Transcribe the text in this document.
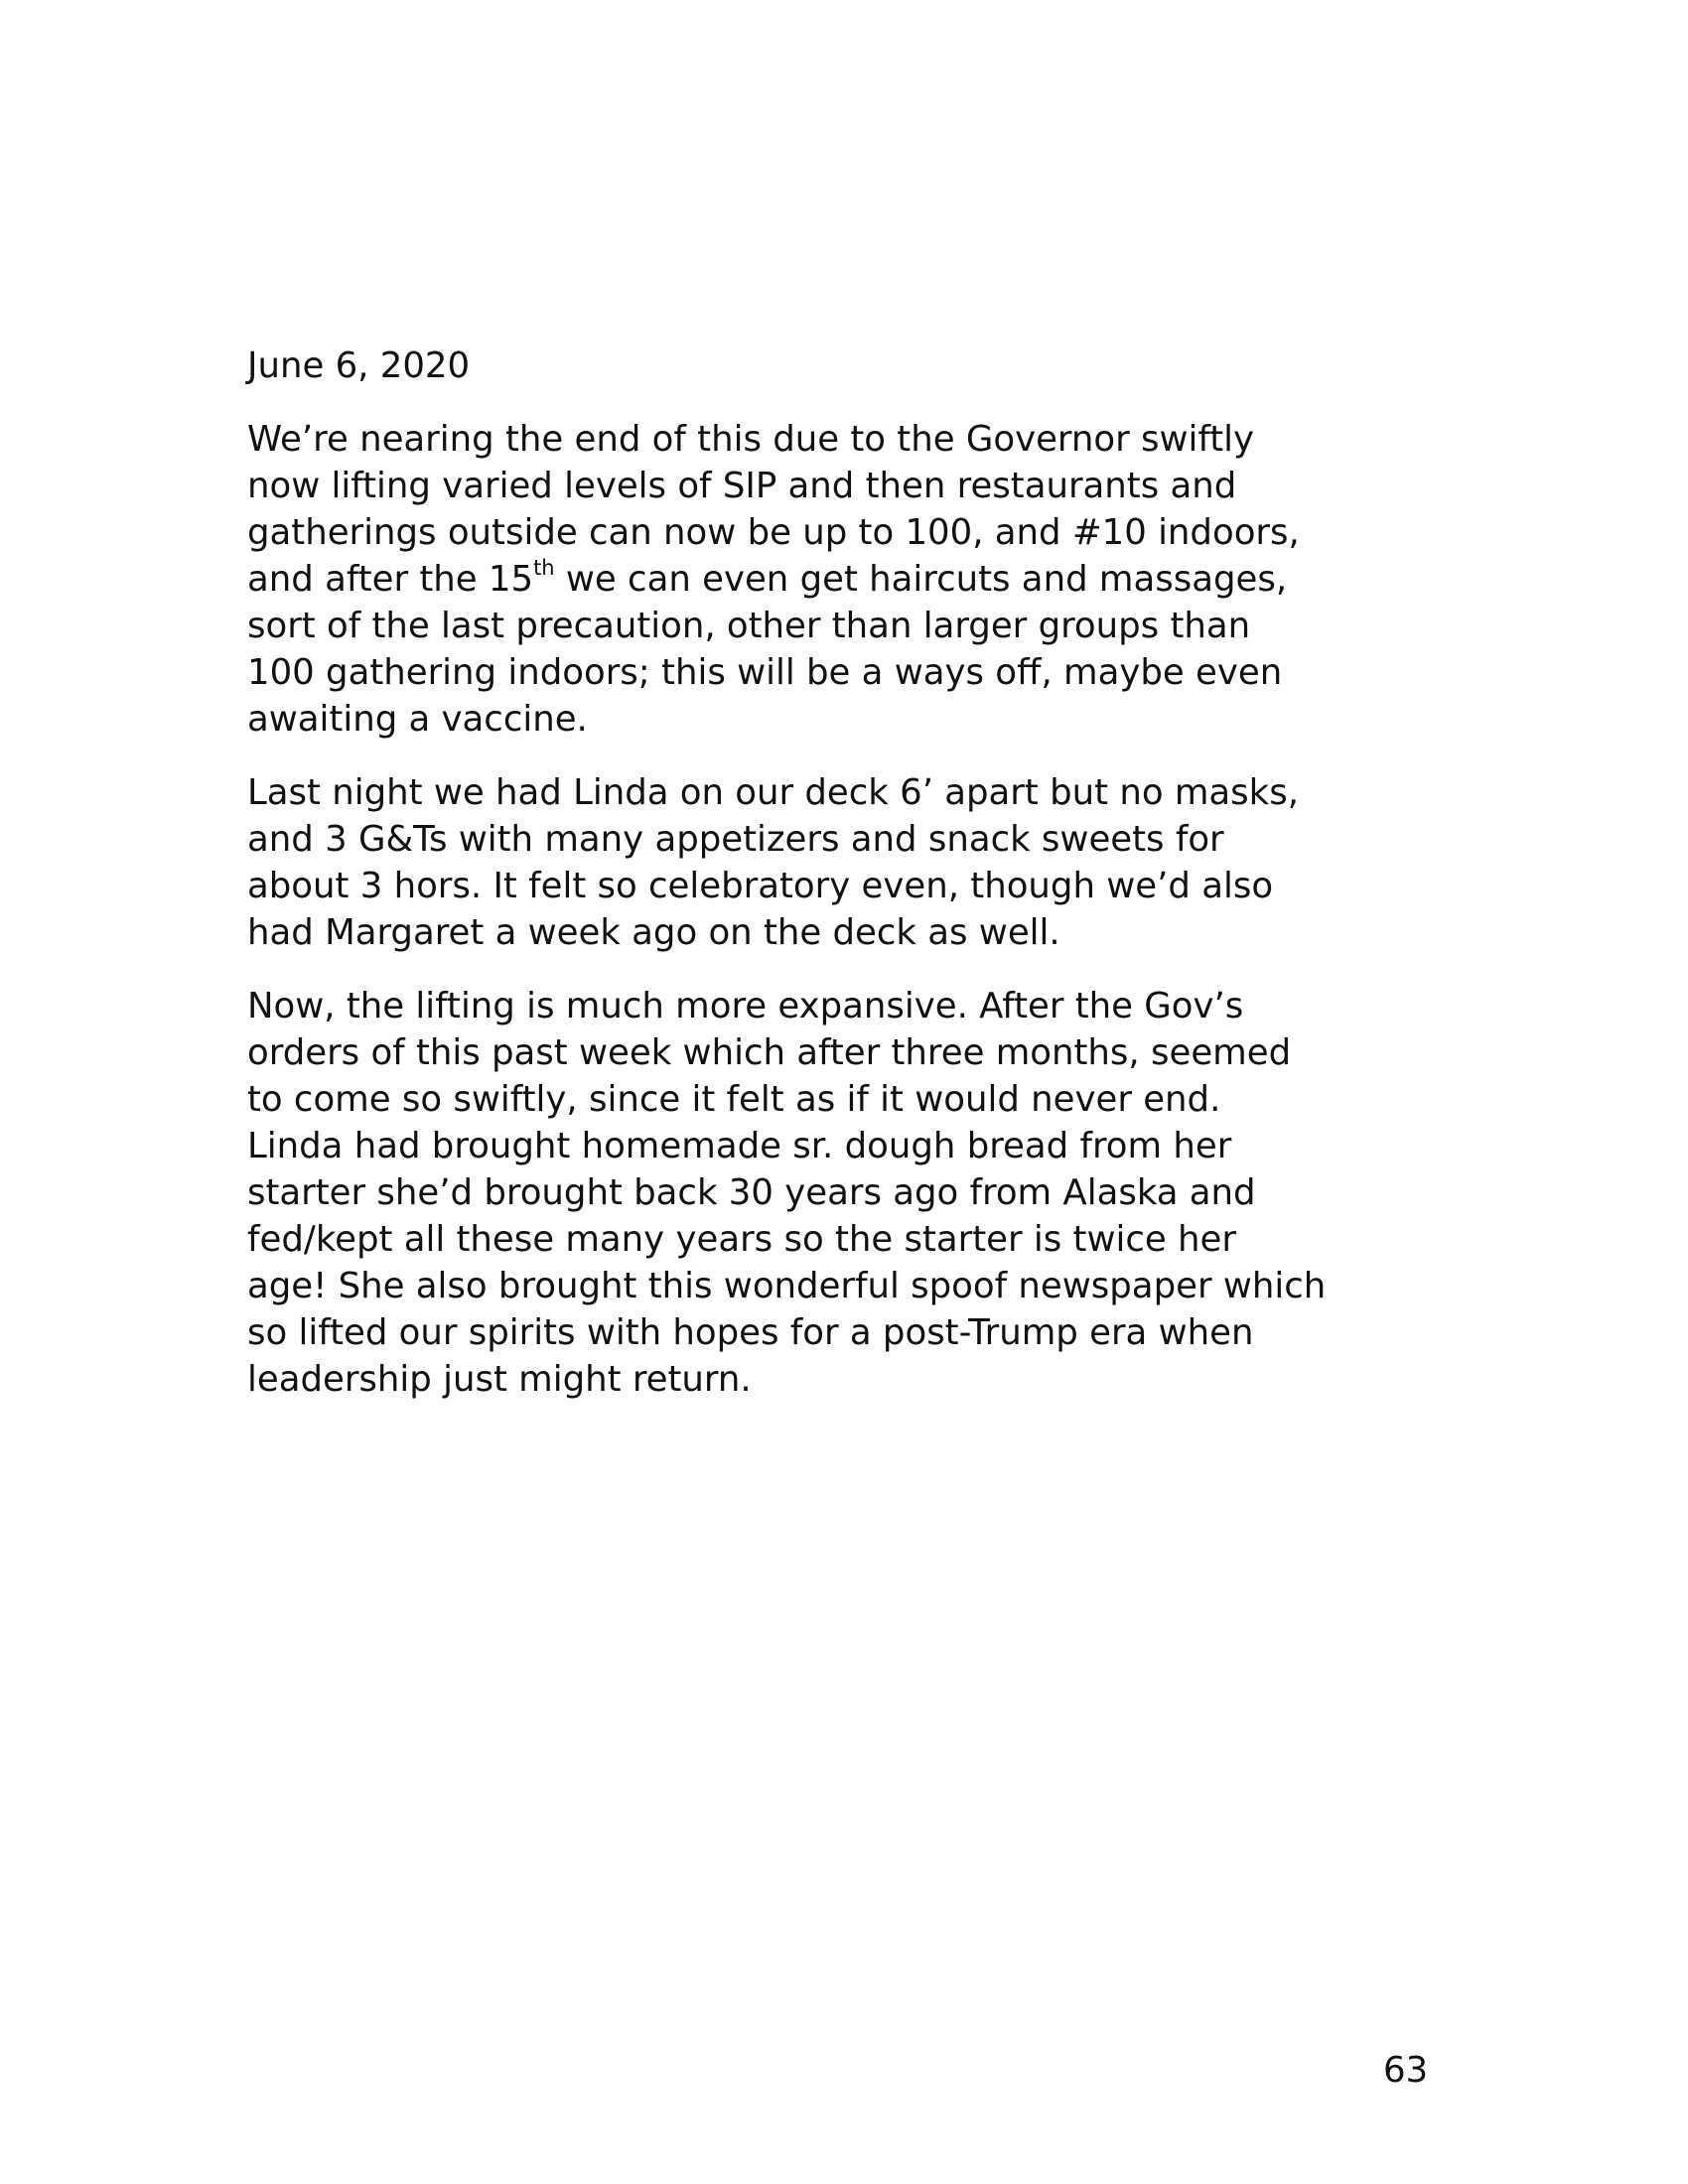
June 6, 2020
We’re nearing the end of this due to the Governor swiftly
now lifting varied levels of SIP and then restaurants and
gatherings outside can now be up to 100, and #10 indoors,
and after the 15th we can even get haircuts and massages,
sort of the last precaution, other than larger groups than
100 gathering indoors; this will be a ways off, maybe even
awaiting a vaccine.
Last night we had Linda on our deck 6’ apart but no masks,
and 3 G&Ts with many appetizers and snack sweets for
about 3 hors. It felt so celebratory even, though we’d also
had Margaret a week ago on the deck as well.
Now, the lifting is much more expansive. After the Gov’s
orders of this past week which after three months, seemed
to come so swiftly, since it felt as if it would never end.
Linda had brought homemade sr. dough bread from her
starter she’d brought back 30 years ago from Alaska and
fed/kept all these many years so the starter is twice her
age! She also brought this wonderful spoof newspaper which
so lifted our spirits with hopes for a post-Trump era when
leadership just might return.
63
